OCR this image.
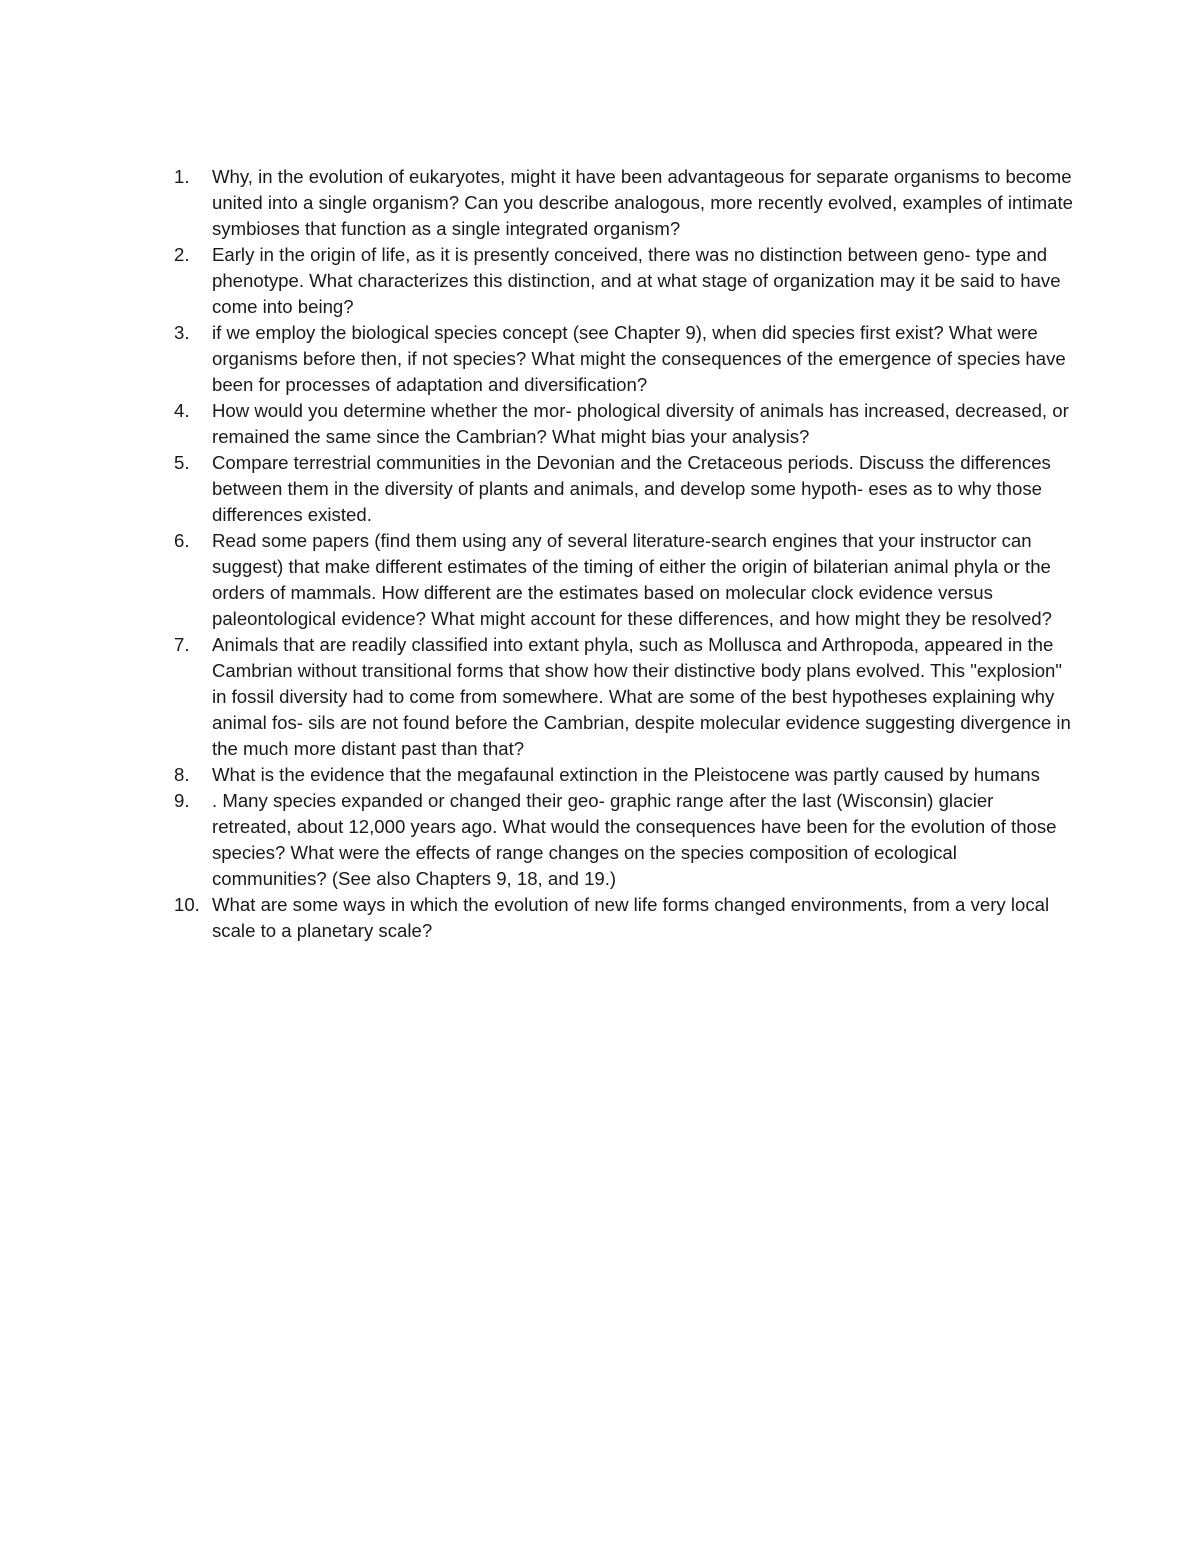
1.	Why, in the evolution of eukaryotes, might it have been advantageous for separate organisms to become united into a single organism? Can you describe analogous, more recently evolved, examples of intimate symbioses that function as a single integrated organism?
2.	Early in the origin of life, as it is presently conceived, there was no distinction between geno- type and phenotype. What characterizes this distinction, and at what stage of organization may it be said to have come into being?
3.	if we employ the biological species concept (see Chapter 9), when did species first exist? What were organisms before then, if not species? What might the consequences of the emergence of species have been for processes of adaptation and diversification?
4.	How would you determine whether the mor- phological diversity of animals has increased, decreased, or remained the same since the Cambrian? What might bias your analysis?
5.	Compare terrestrial communities in the Devonian and the Cretaceous periods. Discuss the differences between them in the diversity of plants and animals, and develop some hypoth- eses as to why those differences existed.
6.	Read some papers (find them using any of several literature-search engines that your instructor can suggest) that make different estimates of the timing of either the origin of bilaterian animal phyla or the orders of mammals. How different are the estimates based on molecular clock evidence versus paleontological evidence? What might account for these differences, and how might they be resolved?
7.	Animals that are readily classified into extant phyla, such as Mollusca and Arthropoda, appeared in the Cambrian without transitional forms that show how their distinctive body plans evolved. This "explosion" in fossil diversity had to come from somewhere. What are some of the best hypotheses explaining why animal fos- sils are not found before the Cambrian, despite molecular evidence suggesting divergence in the much more distant past than that?
8.	What is the evidence that the megafaunal extinction in the Pleistocene was partly caused by humans
9.	. Many species expanded or changed their geo- graphic range after the last (Wisconsin) glacier retreated, about 12,000 years ago. What would the consequences have been for the evolution of those species? What were the effects of range changes on the species composition of ecological communities? (See also Chapters 9, 18, and 19.)
10. What are some ways in which the evolution of new life forms changed environments, from a very local scale to a planetary scale?
